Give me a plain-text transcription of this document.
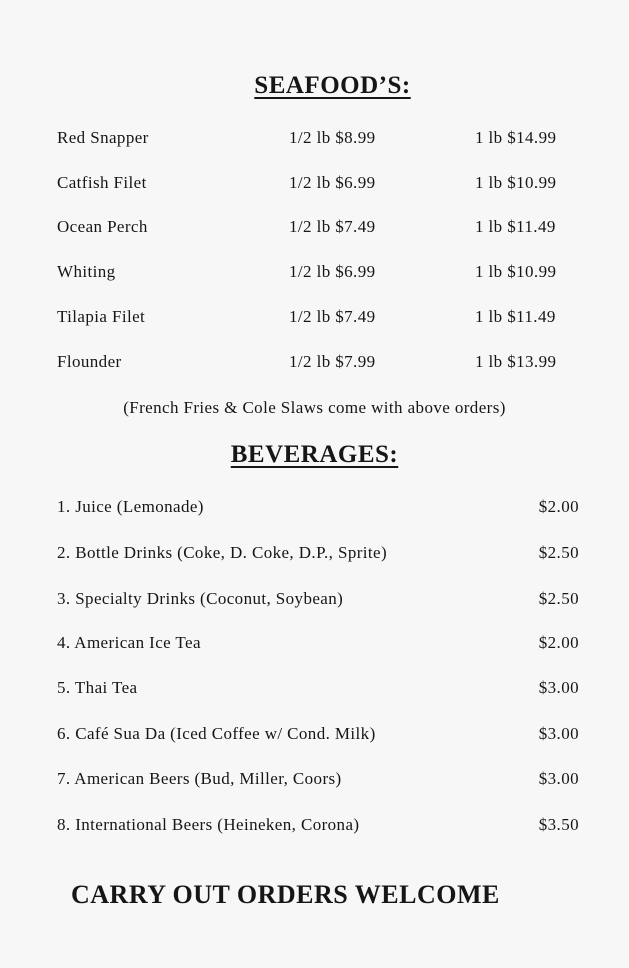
SEAFOOD’S:
Red Snapper	1/2 lb $8.99	1 lb $14.99
Catfish Filet	1/2 lb $6.99	1 lb $10.99
Ocean Perch	1/2 lb $7.49	1 lb $11.49
Whiting	1/2 lb $6.99	1 lb $10.99
Tilapia Filet	1/2 lb $7.49	1 lb $11.49
Flounder	1/2 lb $7.99	1 lb $13.99
(French Fries & Cole Slaws come with above orders)
BEVERAGES:
1. Juice (Lemonade)	$2.00
2. Bottle Drinks (Coke, D. Coke, D.P., Sprite)	$2.50
3. Specialty Drinks (Coconut, Soybean)	$2.50
4. American Ice Tea	$2.00
5. Thai Tea	$3.00
6. Café Sua Da (Iced Coffee w/ Cond. Milk)	$3.00
7. American Beers (Bud, Miller, Coors)	$3.00
8. International Beers (Heineken, Corona)	$3.50
CARRY OUT ORDERS WELCOME
